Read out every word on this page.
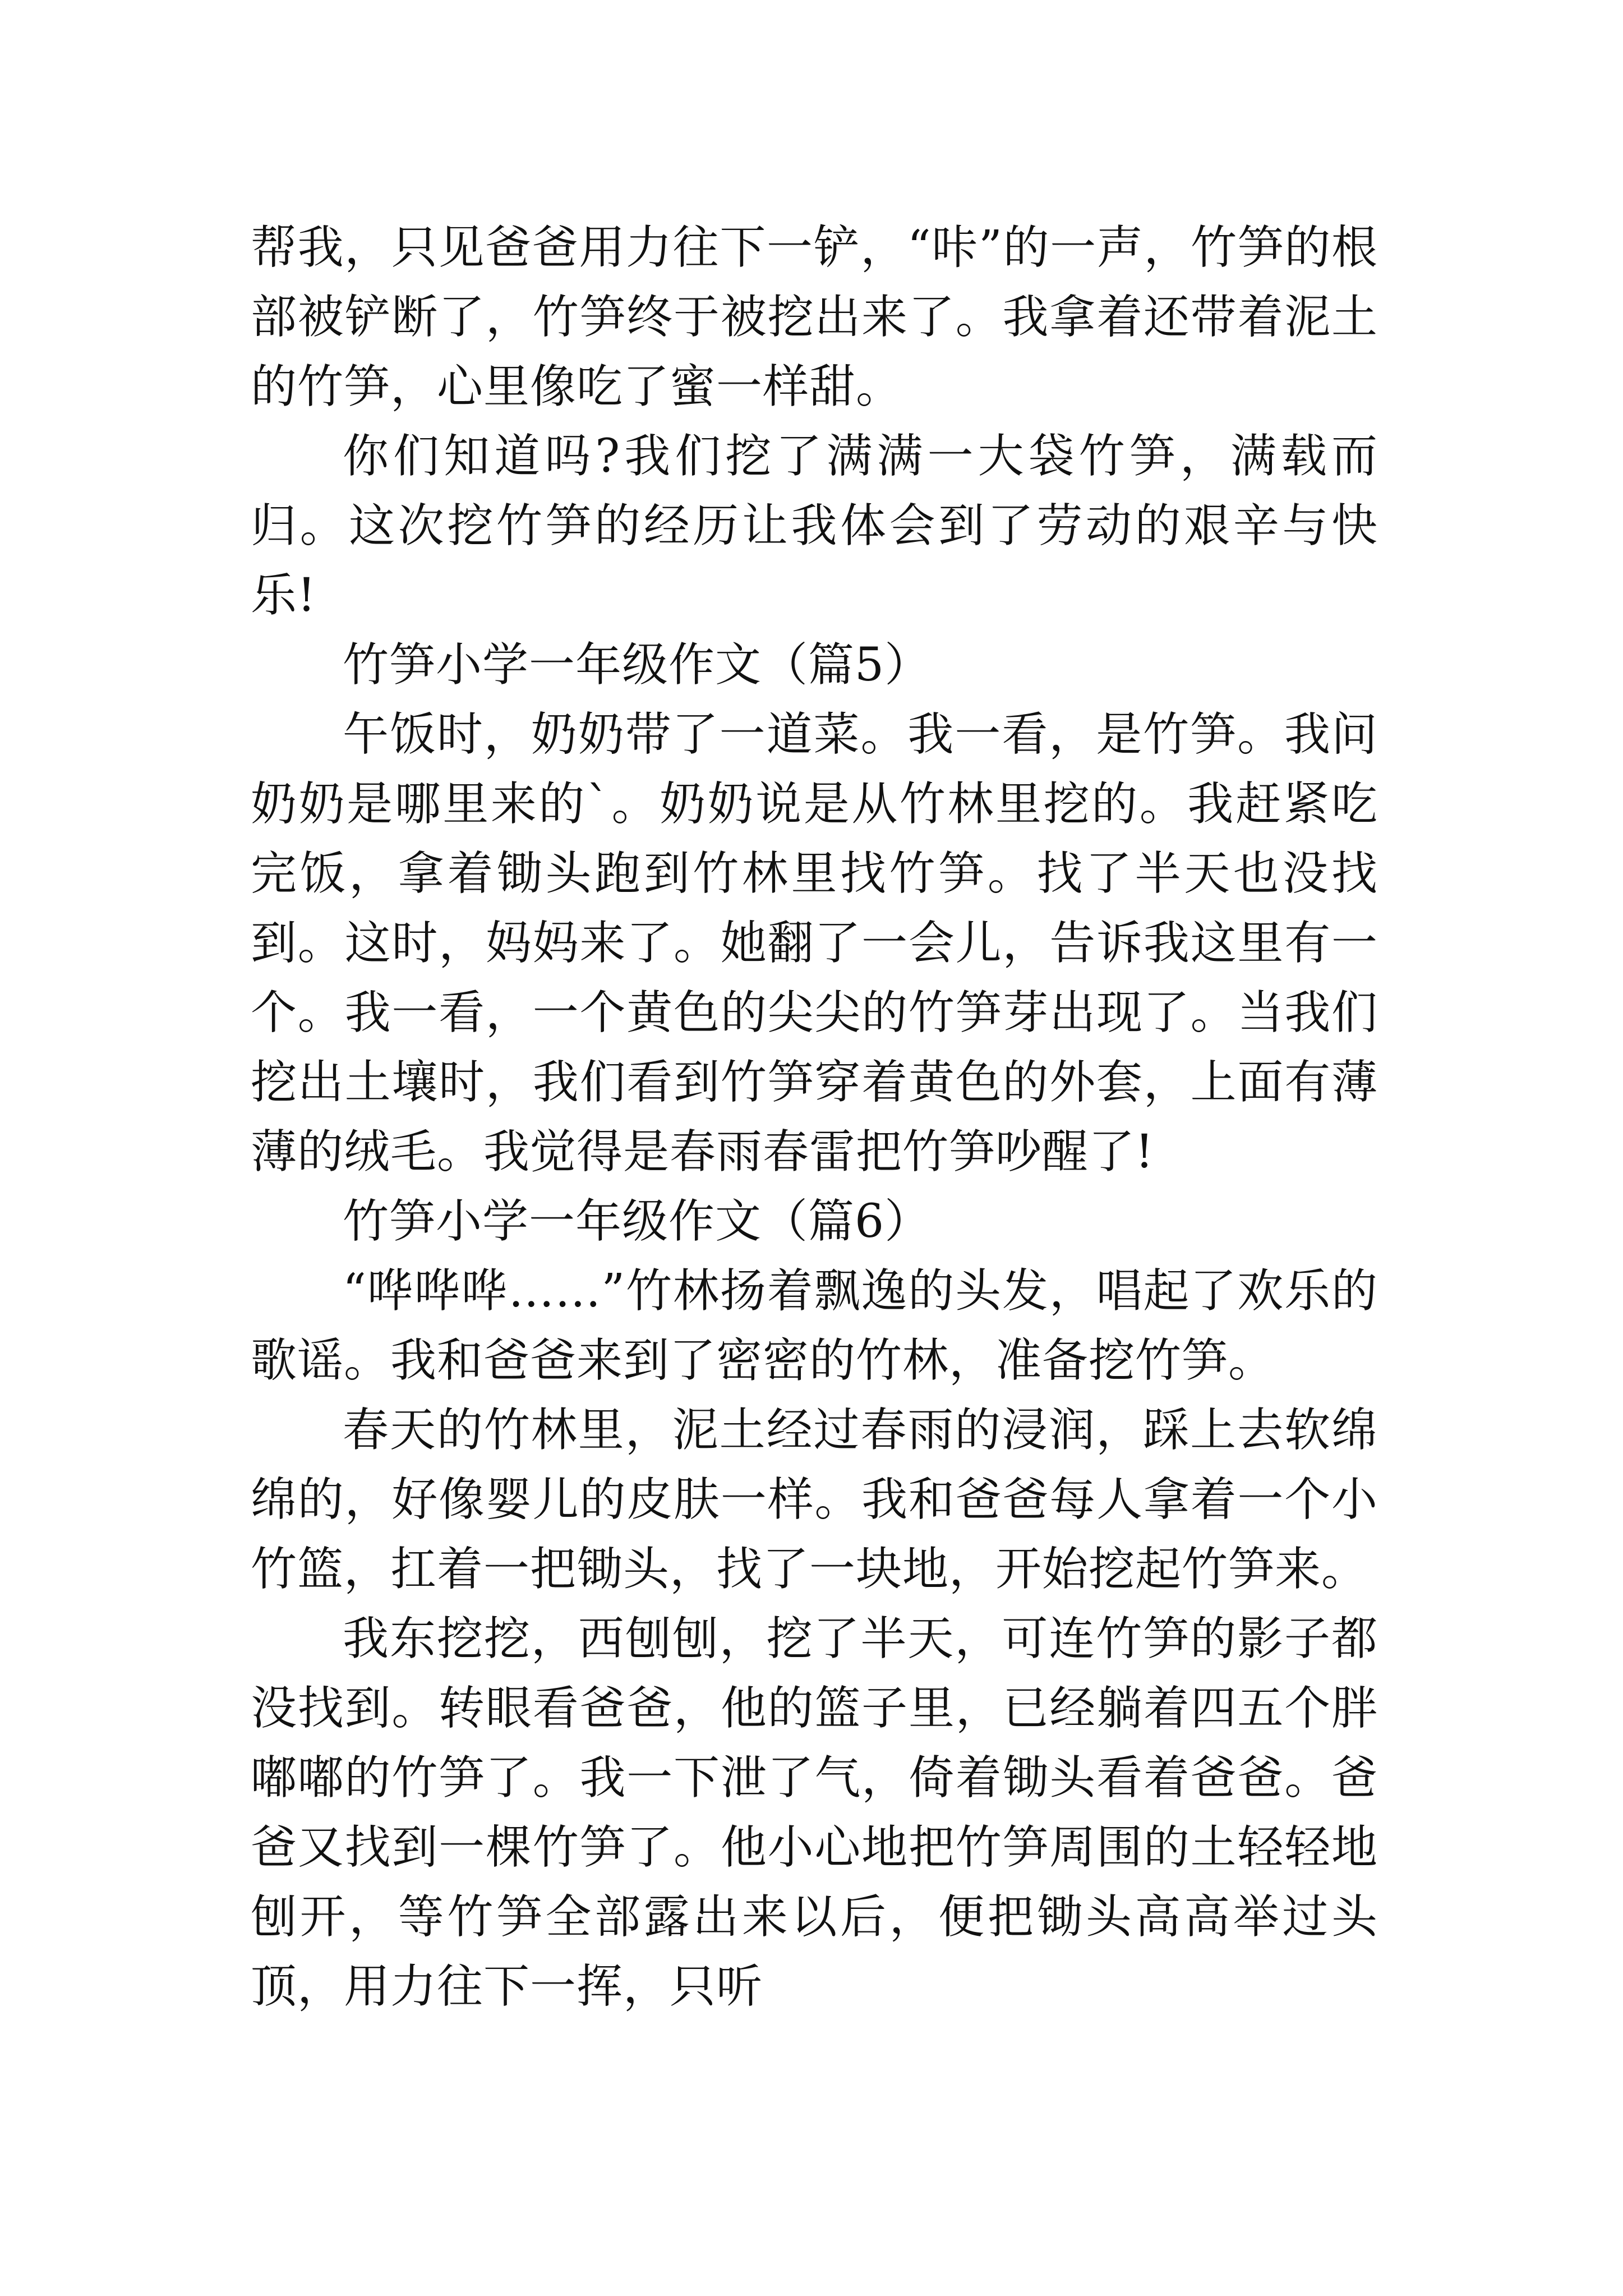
帮我，只见爸爸用力往下一铲，“咔”的一声，竹笋的根部被铲断了，竹笋终于被挖出来了。我拿着还带着泥土的竹笋，心里像吃了蜜一样甜。

你们知道吗?我们挖了满满一大袋竹笋，满载而归。这次挖竹笋的经历让我体会到了劳动的艰辛与快乐!

竹笋小学一年级作文（篇5）

午饭时，奶奶带了一道菜。我一看，是竹笋。我问奶奶是哪里来的`。奶奶说是从竹林里挖的。我赶紧吃完饭，拿着锄头跑到竹林里找竹笋。找了半天也没找到。这时，妈妈来了。她翻了一会儿，告诉我这里有一个。我一看，一个黄色的尖尖的竹笋芽出现了。当我们挖出土壤时，我们看到竹笋穿着黄色的外套，上面有薄薄的绒毛。我觉得是春雨春雷把竹笋吵醒了!

竹笋小学一年级作文（篇6）

“哗哗哗……”竹林扬着飘逸的头发，唱起了欢乐的歌谣。我和爸爸来到了密密的竹林，准备挖竹笋。

春天的竹林里，泥土经过春雨的浸润，踩上去软绵绵的，好像婴儿的皮肤一样。我和爸爸每人拿着一个小竹篮，扛着一把锄头，找了一块地，开始挖起竹笋来。

我东挖挖，西刨刨，挖了半天，可连竹笋的影子都没找到。转眼看爸爸，他的篮子里，已经躺着四五个胖嘟嘟的竹笋了。我一下泄了气，倚着锄头看着爸爸。爸爸又找到一棵竹笋了。他小心地把竹笋周围的土轻轻地刨开，等竹笋全部露出来以后，便把锄头高高举过头顶，用力往下一挥，只听
